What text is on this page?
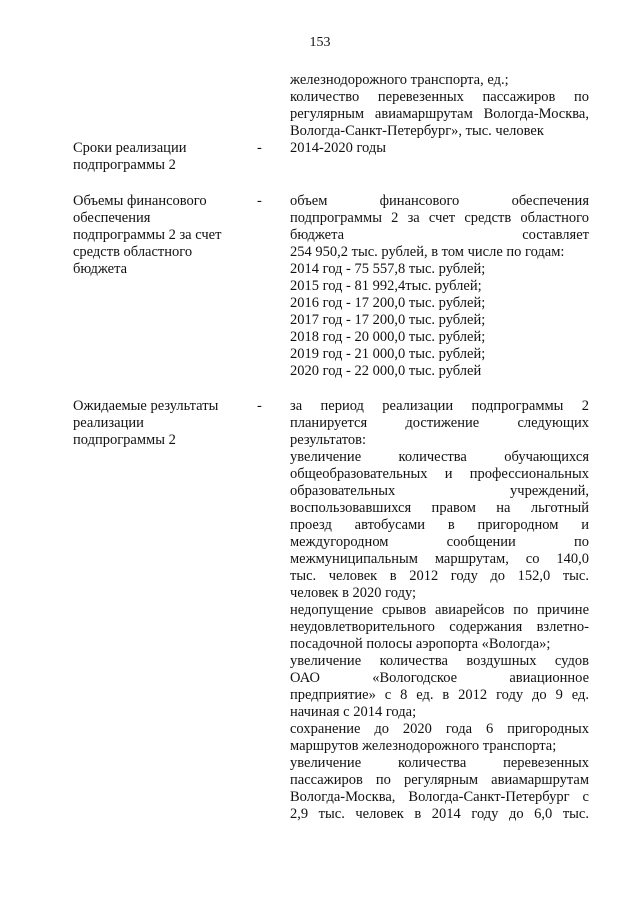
153
железнодорожного транспорта, ед.;
количество перевезенных пассажиров по
регулярным авиамаршрутам Вологда-Москва,
Вологда-Санкт-Петербург», тыс. человек
Сроки реализации
подпрограммы 2
- 2014-2020 годы
Объемы финансового
обеспечения
подпрограммы 2 за счет
средств областного
бюджета
- объем финансового обеспечения
подпрограммы 2 за счет средств областного
бюджета составляет
254 950,2 тыс. рублей, в том числе по годам:
2014 год - 75 557,8 тыс. рублей;
2015 год - 81 992,4тыс. рублей;
2016 год - 17 200,0 тыс. рублей;
2017 год - 17 200,0 тыс. рублей;
2018 год - 20 000,0 тыс. рублей;
2019 год - 21 000,0 тыс. рублей;
2020 год - 22 000,0 тыс. рублей
Ожидаемые результаты
реализации
подпрограммы 2
- за период реализации подпрограммы 2
планируется достижение следующих
результатов:
увеличение количества обучающихся
общеобразовательных и профессиональных
образовательных учреждений,
воспользовавшихся правом на льготный
проезд автобусами в пригородном и
междугородном сообщении по
межмуниципальным маршрутам, со 140,0
тыс. человек в 2012 году до 152,0 тыс.
человек в 2020 году;
недопущение срывов авиарейсов по причине
неудовлетворительного содержания взлетно-
посадочной полосы аэропорта «Вологда»;
увеличение количества воздушных судов
ОАО «Вологодское авиационное
предприятие» с 8 ед. в 2012 году до 9 ед.
начиная с 2014 года;
сохранение до 2020 года 6 пригородных
маршрутов железнодорожного транспорта;
увеличение количества перевезенных
пассажиров по регулярным авиамаршрутам
Вологда-Москва, Вологда-Санкт-Петербург с
2,9 тыс. человек в 2014 году до 6,0 тыс.
